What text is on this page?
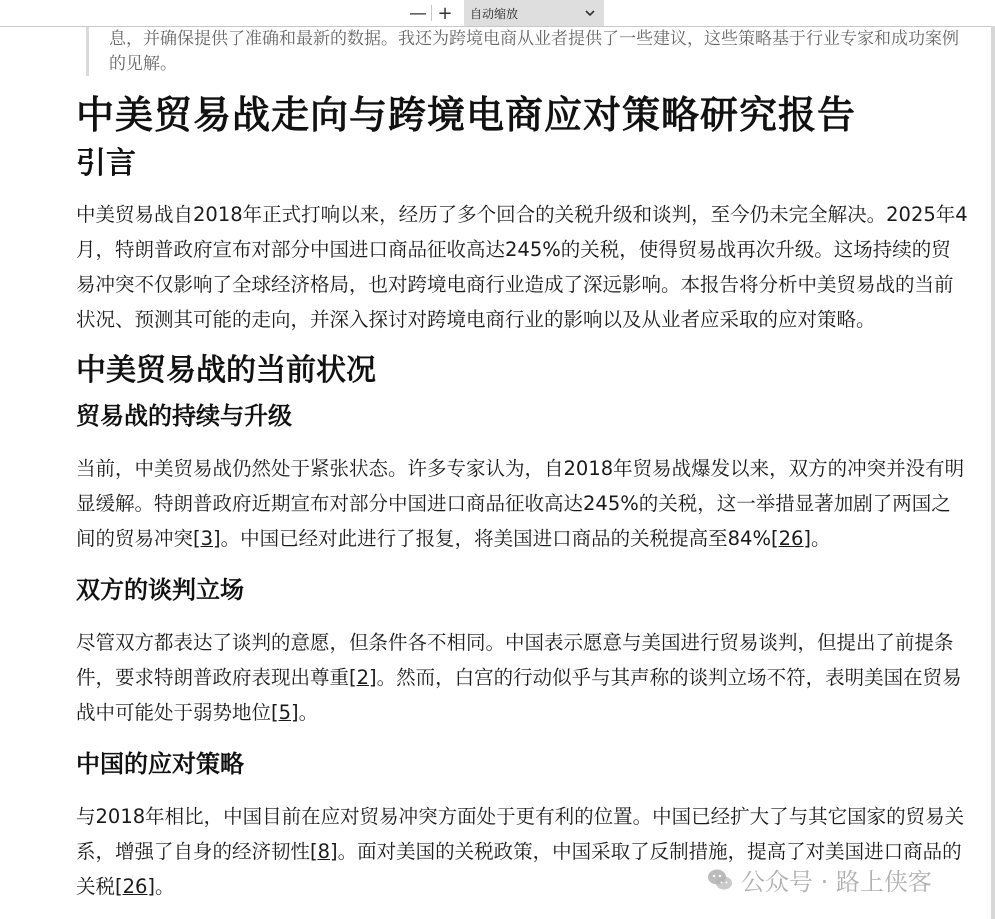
— +	自动缩放
息，并确保提供了准确和最新的数据。我还为跨境电商从业者提供了一些建议，这些策略基于行业专家和成功案例的见解。
中美贸易战走向与跨境电商应对策略研究报告
引言

中美贸易战自2018年正式打响以来，经历了多个回合的关税升级和谈判，至今仍未完全解决。2025年4月，特朗普政府宣布对部分中国进口商品征收高达245%的关税，使得贸易战再次升级。这场持续的贸易冲突不仅影响了全球经济格局，也对跨境电商行业造成了深远影响。本报告将分析中美贸易战的当前状况、预测其可能的走向，并深入探讨对跨境电商行业的影响以及从业者应采取的应对策略。

中美贸易战的当前状况
贸易战的持续与升级

当前，中美贸易战仍然处于紧张状态。许多专家认为，自2018年贸易战爆发以来，双方的冲突并没有明显缓解。特朗普政府近期宣布对部分中国进口商品征收高达245%的关税，这一举措显著加剧了两国之间的贸易冲突[3]。中国已经对此进行了报复，将美国进口商品的关税提高至84%[26]。

双方的谈判立场

尽管双方都表达了谈判的意愿，但条件各不相同。中国表示愿意与美国进行贸易谈判，但提出了前提条件，要求特朗普政府表现出尊重[2]。然而，白宫的行动似乎与其声称的谈判立场不符，表明美国在贸易战中可能处于弱势地位[5]。

中国的应对策略

与2018年相比，中国目前在应对贸易冲突方面处于更有利的位置。中国已经扩大了与其它国家的贸易关系，增强了自身的经济韧性[8]。面对美国的关税政策，中国采取了反制措施，提高了对美国进口商品的关税[26]。	公众号 · 路上侠客
